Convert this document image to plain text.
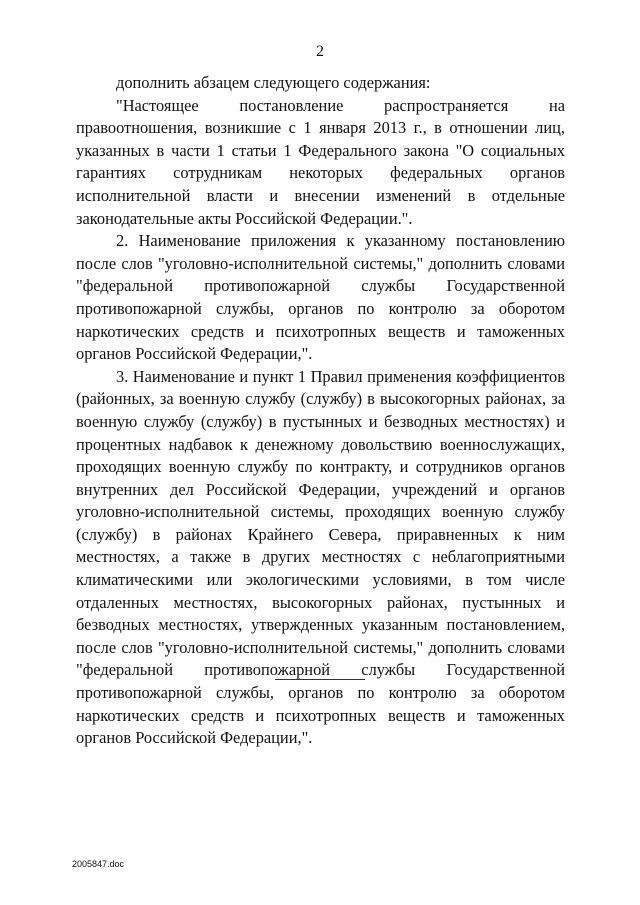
2

дополнить абзацем следующего содержания:

"Настоящее постановление распространяется на правоотношения, возникшие с 1 января 2013 г., в отношении лиц, указанных в части 1 статьи 1 Федерального закона "О социальных гарантиях сотрудникам некоторых федеральных органов исполнительной власти и внесении изменений в отдельные законодательные акты Российской Федерации.".

2. Наименование приложения к указанному постановлению после слов "уголовно-исполнительной системы," дополнить словами "федеральной противопожарной службы Государственной противопожарной службы, органов по контролю за оборотом наркотических средств и психотропных веществ и таможенных органов Российской Федерации,".

3. Наименование и пункт 1 Правил применения коэффициентов (районных, за военную службу (службу) в высокогорных районах, за военную службу (службу) в пустынных и безводных местностях) и процентных надбавок к денежному довольствию военнослужащих, проходящих военную службу по контракту, и сотрудников органов внутренних дел Российской Федерации, учреждений и органов уголовно-исполнительной системы, проходящих военную службу (службу) в районах Крайнего Севера, приравненных к ним местностях, а также в других местностях с неблагоприятными климатическими или экологическими условиями, в том числе отдаленных местностях, высокогорных районах, пустынных и безводных местностях, утвержденных указанным постановлением, после слов "уголовно-исполнительной системы," дополнить словами "федеральной противопожарной службы Государственной противопожарной службы, органов по контролю за оборотом наркотических средств и психотропных веществ и таможенных органов Российской Федерации,".

2005847.doc
